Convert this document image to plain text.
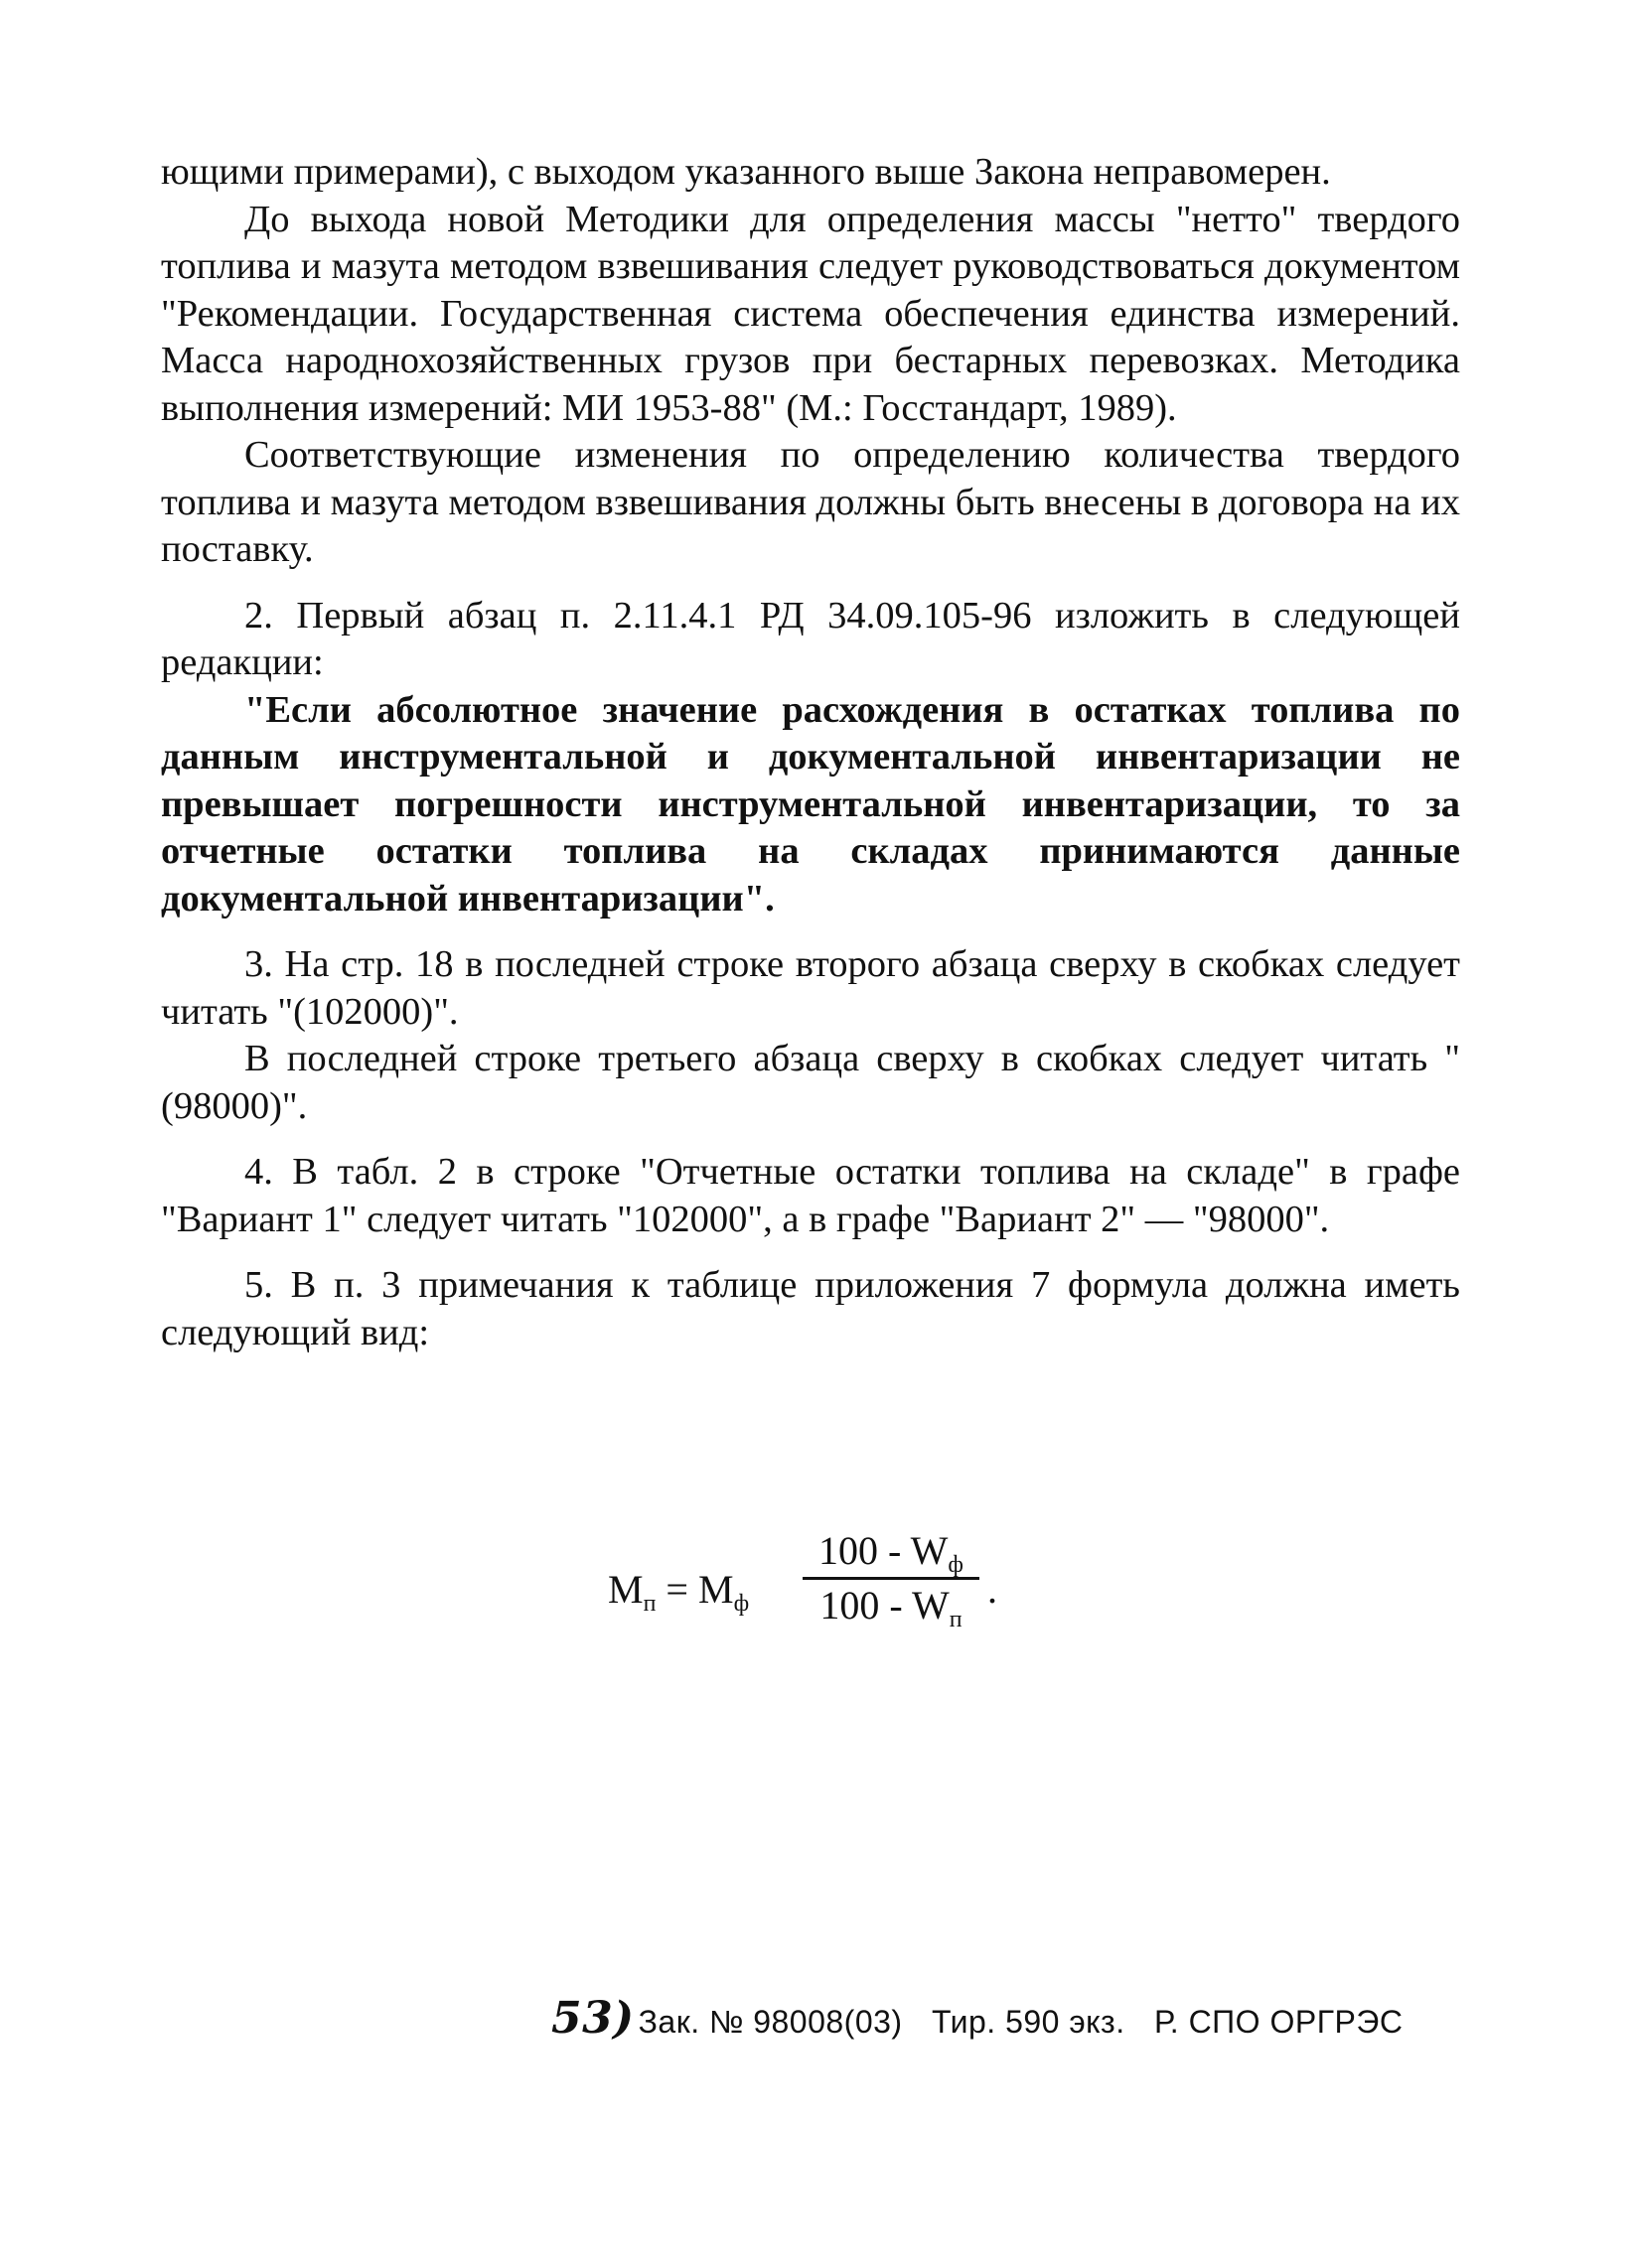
ющими примерами), с выходом указанного выше Закона неправомерен.

До выхода новой Методики для определения массы "нетто" твердого топлива и мазута методом взвешивания следует руководствоваться документом "Рекомендации. Государственная система обеспечения единства измерений. Масса народнохозяйственных грузов при бестарных перевозках. Методика выполнения измерений: МИ 1953-88" (М.: Госстандарт, 1989).

Соответствующие изменения по определению количества твердого топлива и мазута методом взвешивания должны быть внесены в договора на их поставку.

2. Первый абзац п. 2.11.4.1 РД 34.09.105-96 изложить в следующей редакции:

"Если абсолютное значение расхождения в остатках топлива по данным инструментальной и документальной инвентаризации не превышает погрешности инструментальной инвентаризации, то за отчетные остатки топлива на складах принимаются данные документальной инвентаризации".

3. На стр. 18 в последней строке второго абзаца сверху в скобках следует читать "(102000)".

В последней строке третьего абзаца сверху в скобках следует читать "(98000)".

4. В табл. 2 в строке "Отчетные остатки топлива на складе" в графе "Вариант 1" следует читать "102000", а в графе "Вариант 2" — "98000".

5. В п. 3 примечания к таблице приложения 7 формула должна иметь следующий вид:

$М_п = М_ф$
$100 - W_ф$
$100 - W_п$
.
53) Зак. № 98008(03) Тир. 590 экз. Р. СПО ОРГРЭС
